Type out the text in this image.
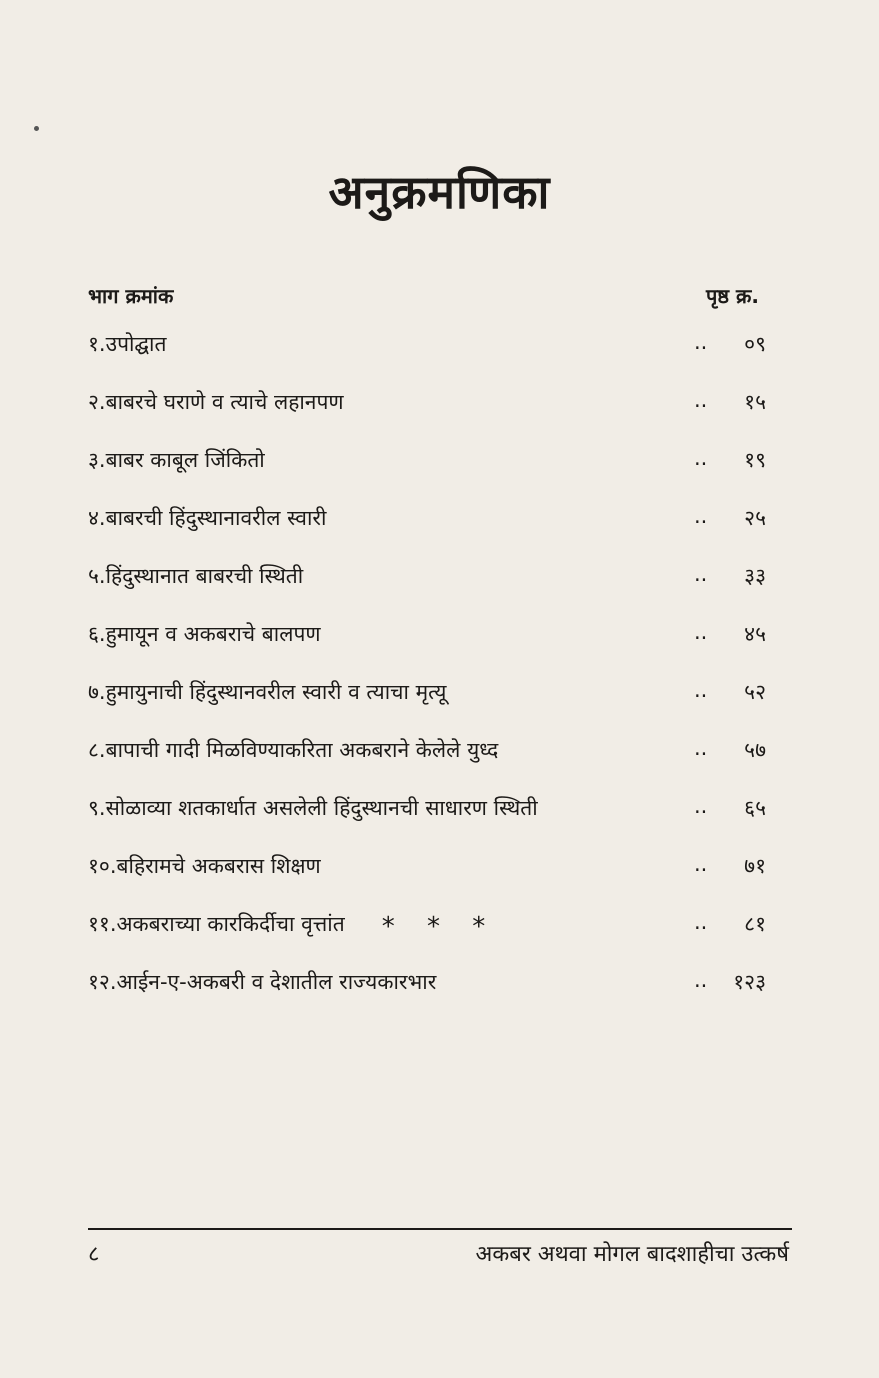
अनुक्रमणिका
भाग क्रमांक	पृष्ठ क्र.
१.उपोद्घात	..	०९
२.बाबरचे घराणे व त्याचे लहानपण	..	१५
३.बाबर काबूल जिंकितो	..	१९
४.बाबरची हिंदुस्थानावरील स्वारी	..	२५
५.हिंदुस्थानात बाबरची स्थिती	..	३३
६.हुमायून व अकबराचे बालपण	..	४५
७.हुमायुनाची हिंदुस्थानवरील स्वारी व त्याचा मृत्यू	..	५२
८.बापाची गादी मिळविण्याकरिता अकबराने केलेले युध्द	..	५७
९.सोळाव्या शतकार्धात असलेली हिंदुस्थानची साधारण स्थिती	..	६५
१०.बहिरामचे अकबरास शिक्षण	..	७१
११.अकबराच्या कारकिर्दीचा वृत्तांत	..	८१
१२.आईन-ए-अकबरी व देशातील राज्यकारभार	..	१२३
* * *
८	अकबर अथवा मोगल बादशाहीचा उत्कर्ष
